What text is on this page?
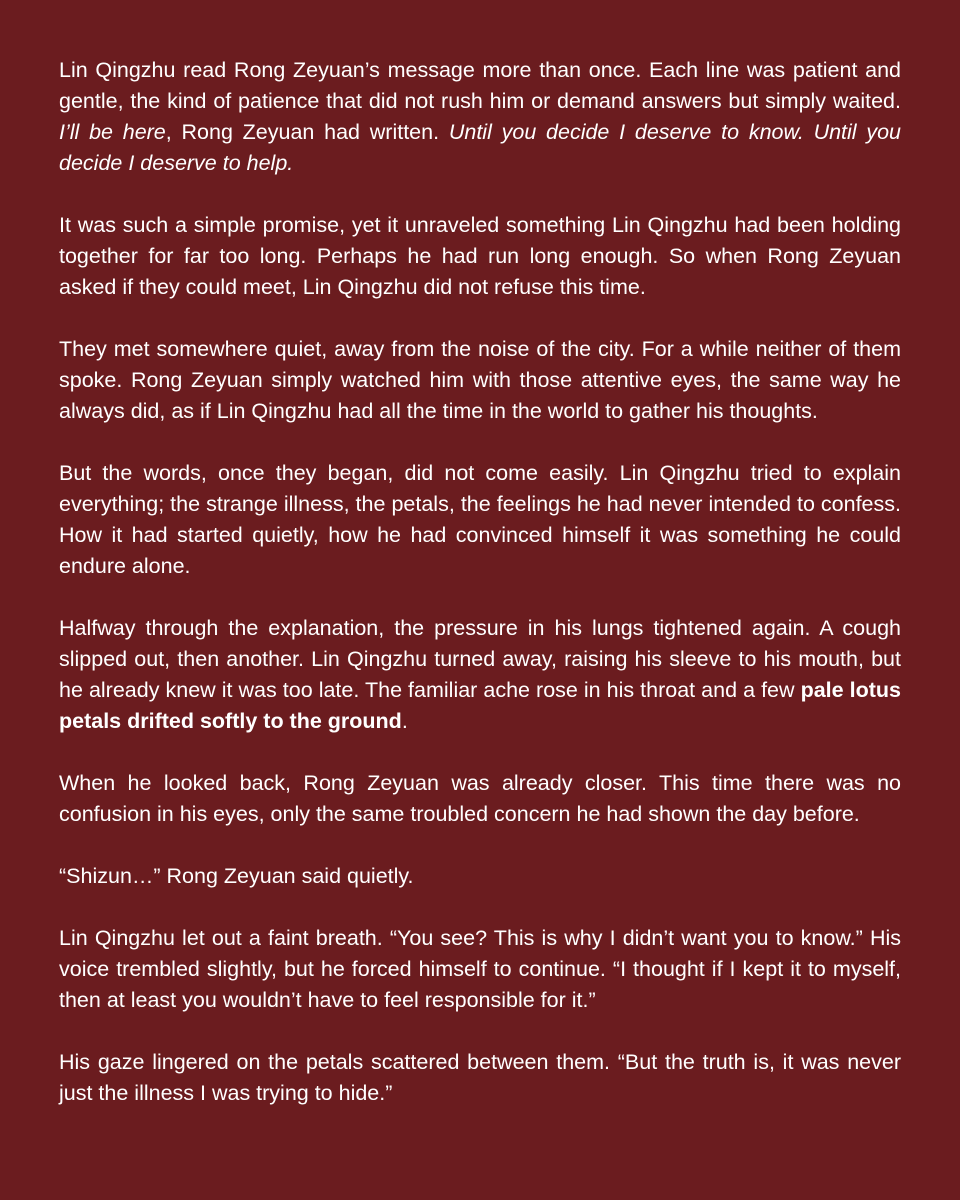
Lin Qingzhu read Rong Zeyuan’s message more than once. Each line was patient and gentle, the kind of patience that did not rush him or demand answers but simply waited. I’ll be here, Rong Zeyuan had written. Until you decide I deserve to know. Until you decide I deserve to help.

It was such a simple promise, yet it unraveled something Lin Qingzhu had been holding together for far too long. Perhaps he had run long enough. So when Rong Zeyuan asked if they could meet, Lin Qingzhu did not refuse this time.

They met somewhere quiet, away from the noise of the city. For a while neither of them spoke. Rong Zeyuan simply watched him with those attentive eyes, the same way he always did, as if Lin Qingzhu had all the time in the world to gather his thoughts.

But the words, once they began, did not come easily. Lin Qingzhu tried to explain everything; the strange illness, the petals, the feelings he had never intended to confess. How it had started quietly, how he had convinced himself it was something he could endure alone.

Halfway through the explanation, the pressure in his lungs tightened again. A cough slipped out, then another. Lin Qingzhu turned away, raising his sleeve to his mouth, but he already knew it was too late. The familiar ache rose in his throat and a few pale lotus petals drifted softly to the ground.

When he looked back, Rong Zeyuan was already closer. This time there was no confusion in his eyes, only the same troubled concern he had shown the day before.

“Shizun…” Rong Zeyuan said quietly.

Lin Qingzhu let out a faint breath. “You see? This is why I didn’t want you to know.” His voice trembled slightly, but he forced himself to continue. “I thought if I kept it to myself, then at least you wouldn’t have to feel responsible for it.”

His gaze lingered on the petals scattered between them. “But the truth is, it was never just the illness I was trying to hide.”
